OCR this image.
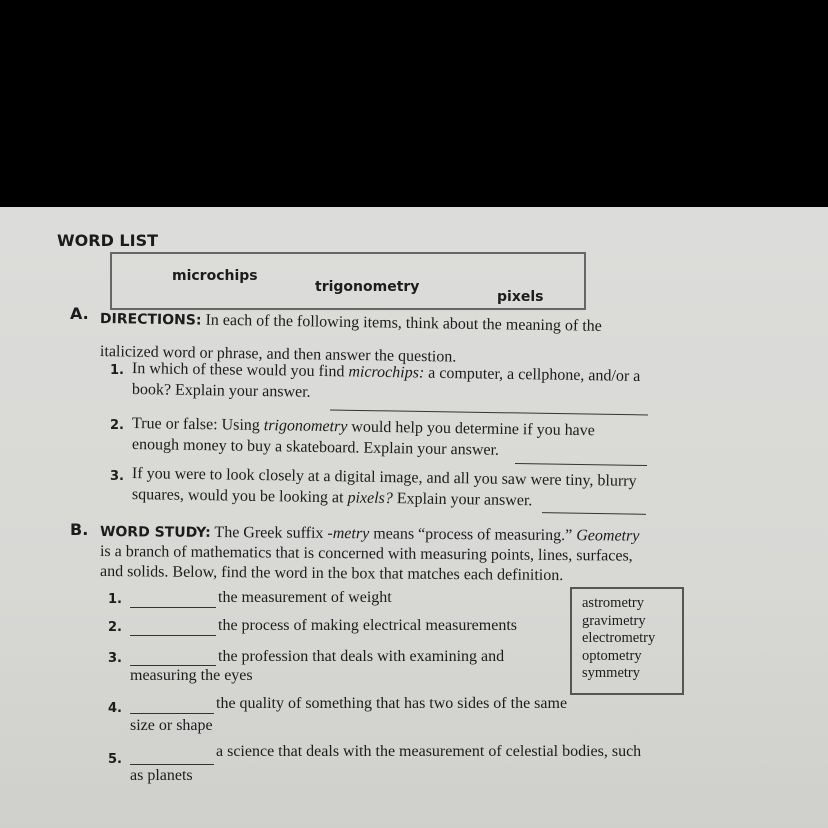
WORD LIST
microchips
trigonometry
pixels
A. DIRECTIONS: In each of the following items, think about the meaning of the
italicized word or phrase, and then answer the question.
1. In which of these would you find microchips: a computer, a cellphone, and/or a
book? Explain your answer.
2. True or false: Using trigonometry would help you determine if you have
enough money to buy a skateboard. Explain your answer.
3. If you were to look closely at a digital image, and all you saw were tiny, blurry
squares, would you be looking at pixels? Explain your answer.
B. WORD STUDY: The Greek suffix -metry means “process of measuring.” Geometry
is a branch of mathematics that is concerned with measuring points, lines, surfaces,
and solids. Below, find the word in the box that matches each definition.
1.	the measurement of weight
2.	the process of making electrical measurements
3.	the profession that deals with examining and
measuring the eyes
4.	the quality of something that has two sides of the same
size or shape
5.	a science that deals with the measurement of celestial bodies, such
as planets
astrometry
gravimetry
electrometry
optometry
symmetry
